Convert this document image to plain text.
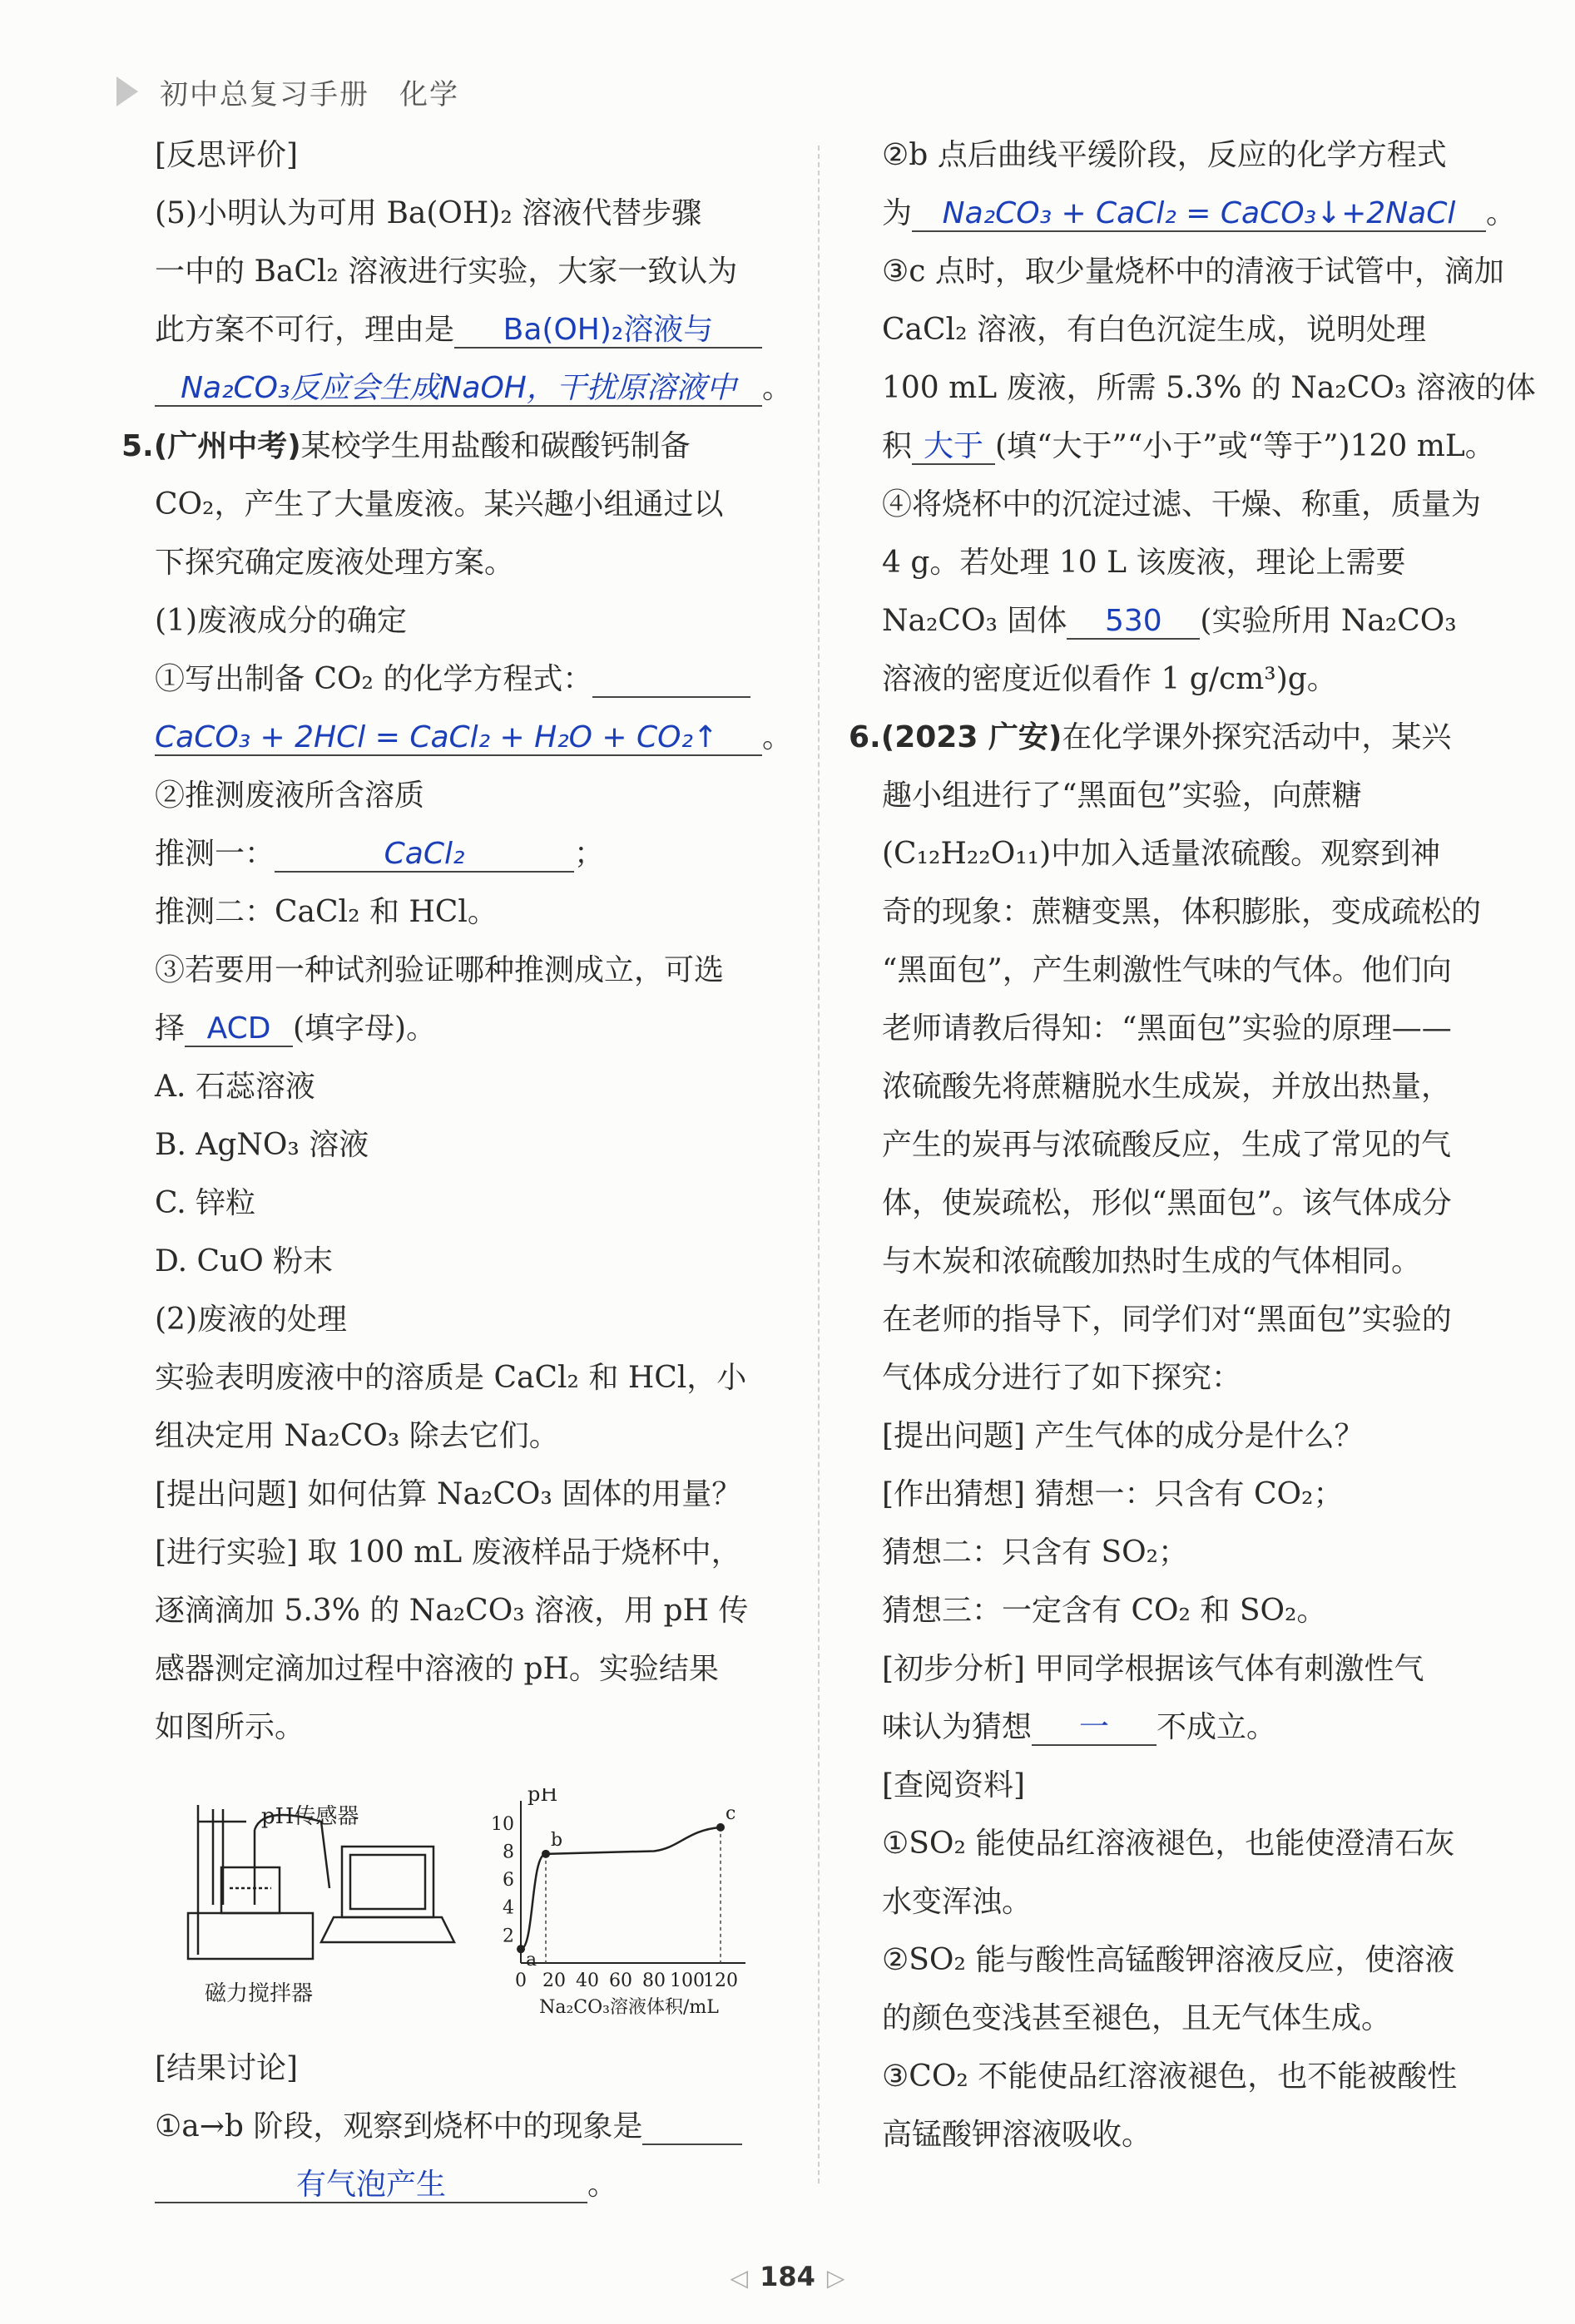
初中总复习手册　化学
[反思评价]
(5)小明认为可用 Ba(OH)₂ 溶液代替步骤
一中的 BaCl₂ 溶液进行实验，大家一致认为
此方案不可行，理由是 Ba(OH)₂溶液与
Na₂CO₃反应会生成NaOH，干扰原溶液中 。
5.(广州中考)某校学生用盐酸和碳酸钙制备
CO₂，产生了大量废液。某兴趣小组通过以
下探究确定废液处理方案。
(1)废液成分的确定
①写出制备 CO₂ 的化学方程式：
CaCO₃ + 2HCl = CaCl₂ + H₂O + CO₂↑ 。
②推测废液所含溶质
推测一：	CaCl₂	；
推测二：CaCl₂ 和 HCl。
③若要用一种试剂验证哪种推测成立，可选
择 ACD (填字母)。
A. 石蕊溶液
B. AgNO₃ 溶液
C. 锌粒
D. CuO 粉末
(2)废液的处理
实验表明废液中的溶质是 CaCl₂ 和 HCl，小
组决定用 Na₂CO₃ 除去它们。
[提出问题] 如何估算 Na₂CO₃ 固体的用量？
[进行实验] 取 100 mL 废液样品于烧杯中，
逐滴滴加 5.3% 的 Na₂CO₃ 溶液，用 pH 传
感器测定滴加过程中溶液的 pH。实验结果
如图所示。
[结果讨论]
①a→b 阶段，观察到烧杯中的现象是
有气泡产生	。
pH传感器
磁力搅拌器
pH
10
8
6
4
2
0 20 40 60 80 100
120
Na₂CO₃溶液体积/mL
a
b
c
②b 点后曲线平缓阶段，反应的化学方程式
为 Na₂CO₃ + CaCl₂ = CaCO₃↓+2NaCl 。
③c 点时，取少量烧杯中的清液于试管中，滴加
CaCl₂ 溶液，有白色沉淀生成，说明处理
100 mL 废液，所需 5.3% 的 Na₂CO₃ 溶液的体
积 大于 (填“大于”“小于”或“等于”)120 mL。
④将烧杯中的沉淀过滤、干燥、称重，质量为
4 g。若处理 10 L 该废液，理论上需要
Na₂CO₃ 固体 530 (实验所用 Na₂CO₃
溶液的密度近似看作 1 g/cm³)g。
6.(2023 广安)在化学课外探究活动中，某兴
趣小组进行了“黑面包”实验，向蔗糖
(C₁₂H₂₂O₁₁)中加入适量浓硫酸。观察到神
奇的现象：蔗糖变黑，体积膨胀，变成疏松的
“黑面包”，产生刺激性气味的气体。他们向
老师请教后得知：“黑面包”实验的原理——
浓硫酸先将蔗糖脱水生成炭，并放出热量，
产生的炭再与浓硫酸反应，生成了常见的气
体，使炭疏松，形似“黑面包”。该气体成分
与木炭和浓硫酸加热时生成的气体相同。
在老师的指导下，同学们对“黑面包”实验的
气体成分进行了如下探究：
[提出问题] 产生气体的成分是什么？
[作出猜想] 猜想一：只含有 CO₂；
猜想二：只含有 SO₂；
猜想三：一定含有 CO₂ 和 SO₂。
[初步分析] 甲同学根据该气体有刺激性气
味认为猜想 一 不成立。
[查阅资料]
①SO₂ 能使品红溶液褪色，也能使澄清石灰
水变浑浊。
②SO₂ 能与酸性高锰酸钾溶液反应，使溶液
的颜色变浅甚至褪色，且无气体生成。
③CO₂ 不能使品红溶液褪色，也不能被酸性
高锰酸钾溶液吸收。
◁ 184 ▷
